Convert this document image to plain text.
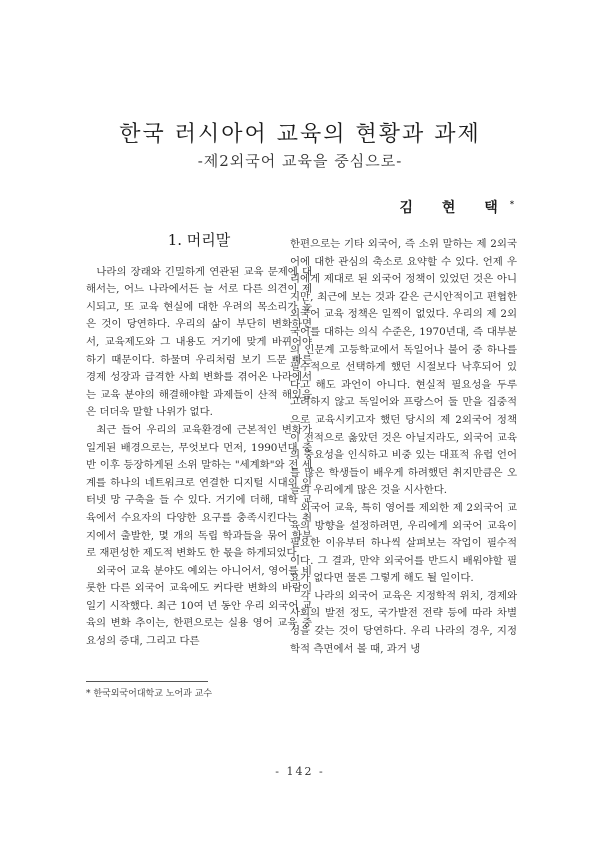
한국 러시아어 교육의 현황과 과제
-제2외국어 교육을 중심으로-
김 현 택*
1. 머리말

나라의 장래와 긴밀하게 연관된 교육 문제에 대해서는, 어느 나라에서든 늘 서로 다른 의견이 제시되고, 또 교육 현실에 대한 우려의 목소리가 높은 것이 당연하다. 우리의 삶이 부단히 변화하면서, 교육제도와 그 내용도 거기에 맞게 바뀌어야 하기 때문이다. 하물며 우리처럼 보기 드문 빠른 경제 성장과 급격한 사회 변화를 겪어온 나라에서는 교육 분야의 해결해야할 과제들이 산적 해있음은 더더욱 말할 나위가 없다.

최근 들어 우리의 교육환경에 근본적인 변화가 일게된 배경으로는, 무엇보다 먼저, 1990년대 중반 이후 등장하게된 소위 말하는 "세계화"와 전 세계를 하나의 네트워크로 연결한 디지털 시대의 인터넷 망 구축을 들 수 있다. 거기에 더해, 대학 교육에서 수요자의 다양한 요구를 충족시킨다는 취지에서 출발한, 몇 개의 독립 학과들을 묶어 학부로 재편성한 제도적 변화도 한 몫을 하게되었다.

외국어 교육 분야도 예외는 아니어서, 영어를 비롯한 다른 외국어 교육에도 커다란 변화의 바람이 일기 시작했다. 최근 10여 년 동안 우리 외국어 교육의 변화 추이는, 한편으로는 실용 영어 교육 중요성의 증대, 그리고 다른

한편으로는 기타 외국어, 즉 소위 말하는 제 2외국어에 대한 관심의 축소로 요약할 수 있다. 언제 우리에게 제대로 된 외국어 정책이 있었던 것은 아니지만, 최근에 보는 것과 같은 근시안적이고 편협한 외국어 교육 정책은 일찍이 없었다. 우리의 제 2외국어를 대하는 의식 수준은, 1970년대, 즉 대부분의 인문계 고등학교에서 독일어나 불어 중 하나를 필수적으로 선택하게 했던 시절보다 낙후되어 있다고 해도 과언이 아니다. 현실적 필요성을 두루 고려하지 않고 독일어와 프랑스어 둘 만을 집중적으로 교육시키고자 했던 당시의 제 2외국어 정책이 전적으로 옳았던 것은 아닐지라도, 외국어 교육의 중요성을 인식하고 비중 있는 대표적 유럽 언어를 많은 학생들이 배우게 하려했던 취지만큼은 오늘의 우리에게 많은 것을 시사한다.

외국어 교육, 특히 영어를 제외한 제 2외국어 교육의 방향을 설정하려면, 우리에게 외국어 교육이 필요한 이유부터 하나씩 살펴보는 작업이 필수적이다. 그 결과, 만약 외국어를 반드시 배워야할 필요가 없다면 물론 그렇게 해도 될 일이다.

각 나라의 외국어 교육은 지정학적 위치, 경제와 사회의 발전 정도, 국가발전 전략 등에 따라 차별성을 갖는 것이 당연하다. 우리 나라의 경우, 지정학적 측면에서 볼 때, 과거 냉

* 한국외국어대학교 노어과 교수
- 142 -
